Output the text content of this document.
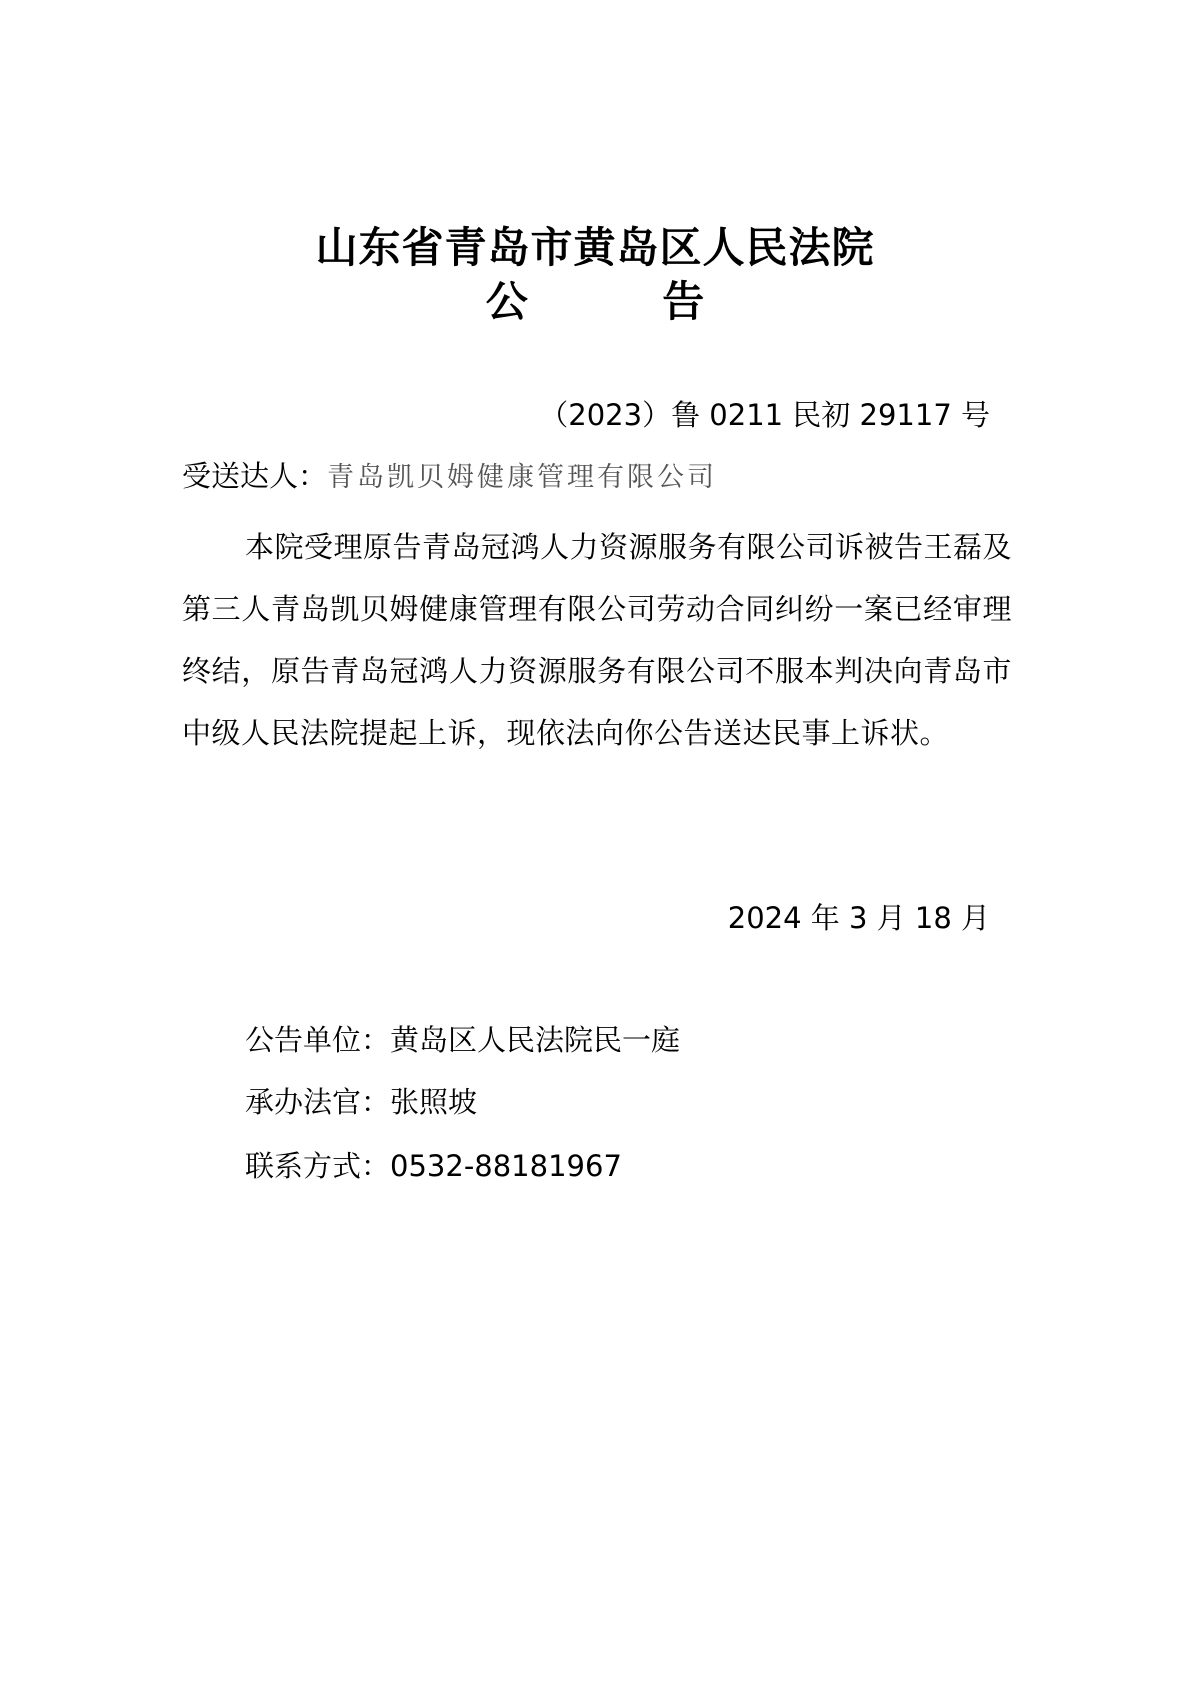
山东省青岛市黄岛区人民法院
公 告
（2023）鲁 0211 民初 29117 号
受送达人：青岛凯贝姆健康管理有限公司
本院受理原告青岛冠鸿人力资源服务有限公司诉被告王磊及第三人青岛凯贝姆健康管理有限公司劳动合同纠纷一案已经审理终结，原告青岛冠鸿人力资源服务有限公司不服本判决向青岛市中级人民法院提起上诉，现依法向你公告送达民事上诉状。
2024 年 3 月 18 月
公告单位：黄岛区人民法院民一庭
承办法官：张照坡
联系方式：0532-88181967
